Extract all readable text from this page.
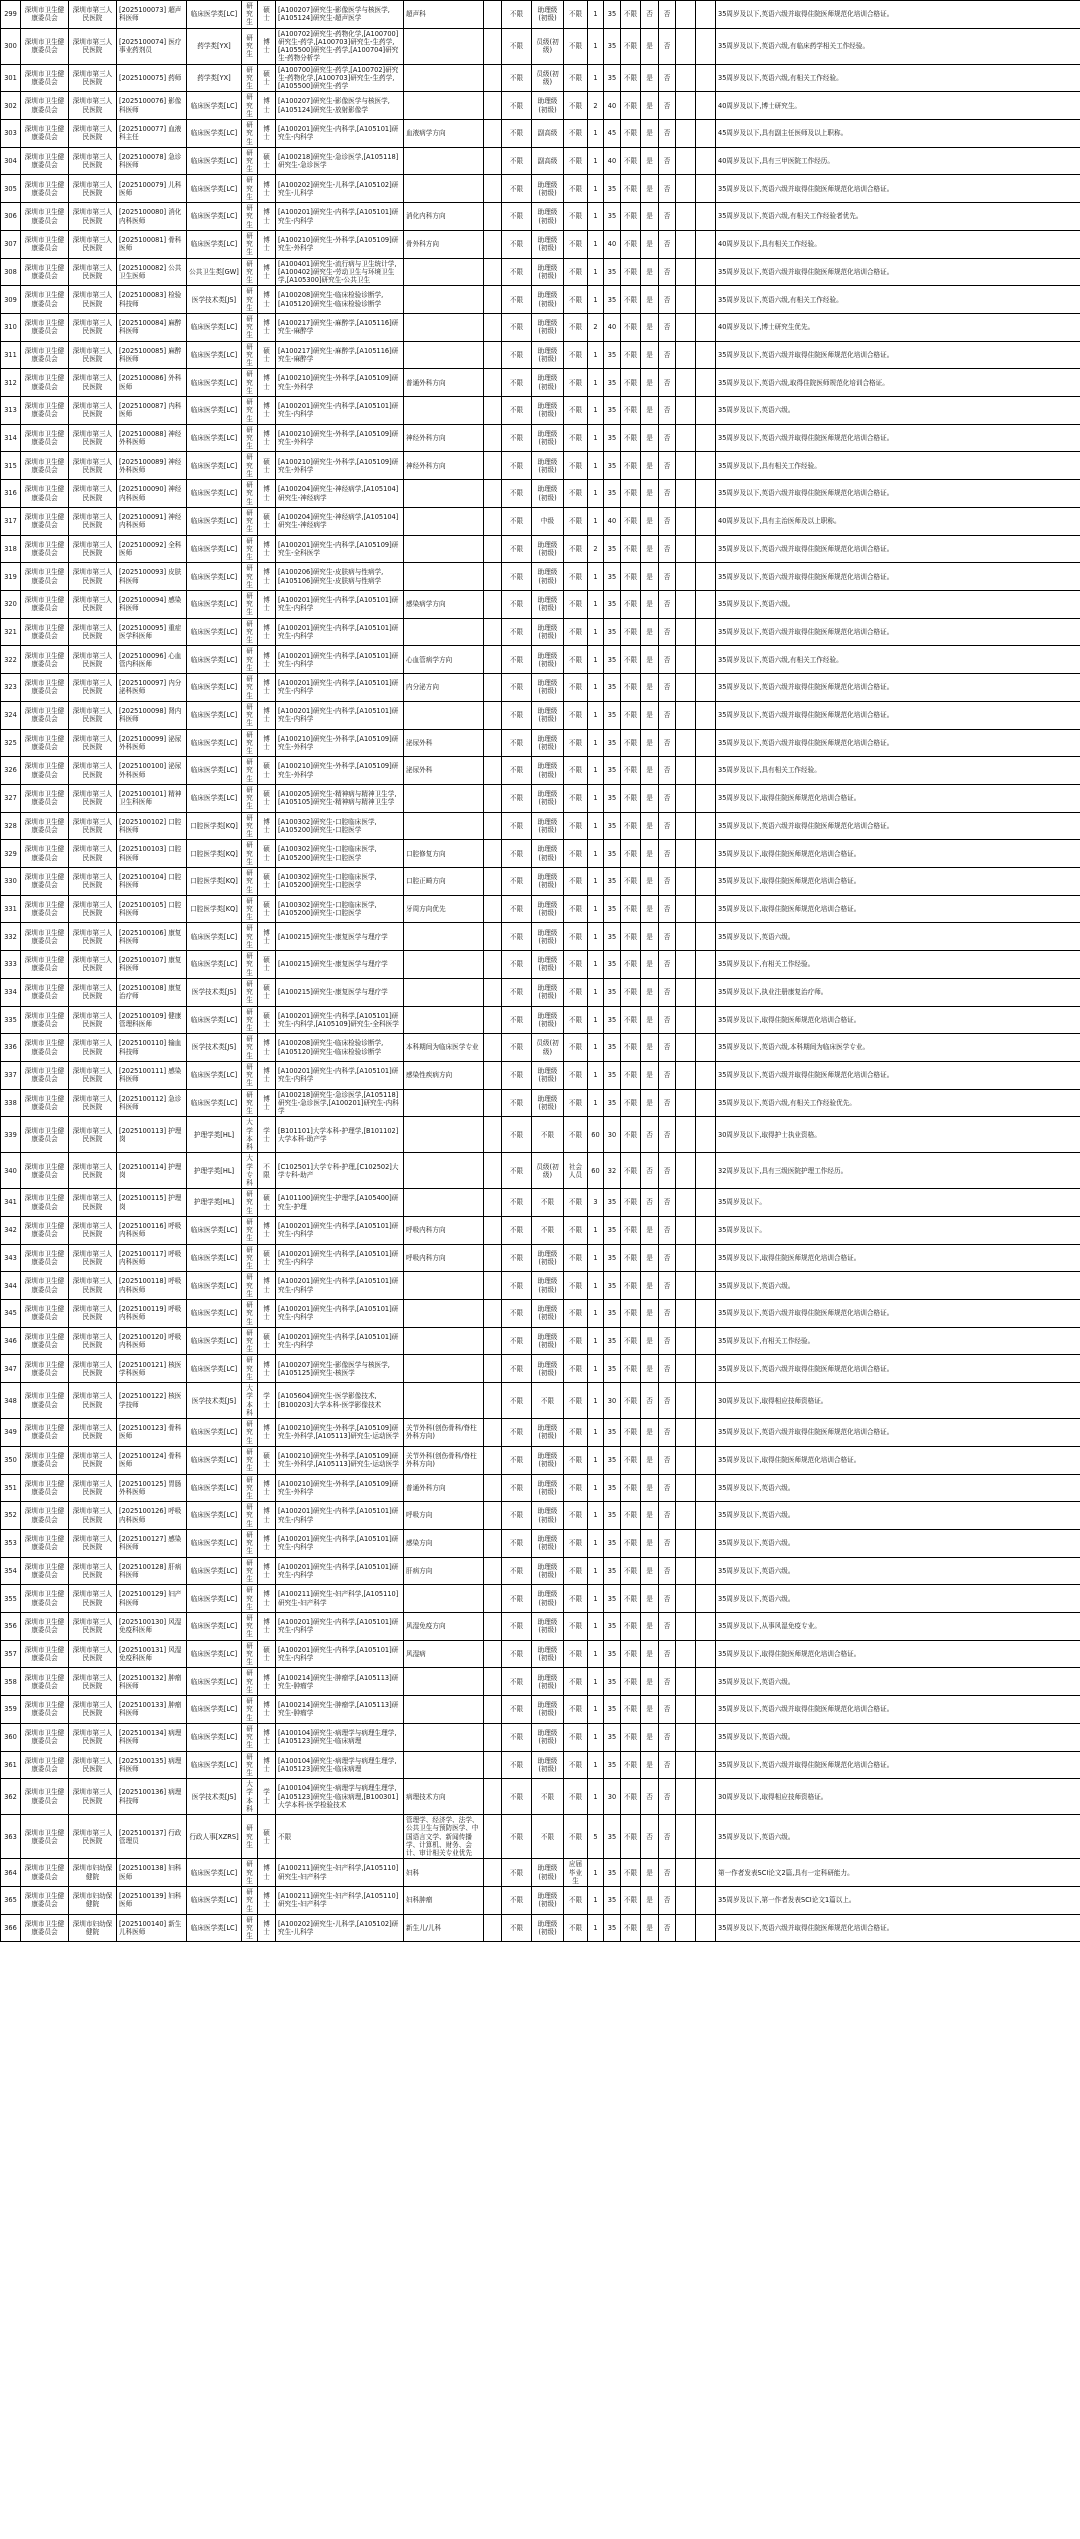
299	深圳市卫生健康委员会	深圳市第三人民医院	[2025100073] 超声科医师	临床医学类[LC]	研究生	硕士	[A100207]研究生-影像医学与核医学,[A105124]研究生-超声医学	超声科		不限	助理级(初级)	不限	1	35	不限	否	否			35周岁及以下,英语六级并取得住院医师规范化培训合格证。
300	深圳市卫生健康委员会	深圳市第三人民医院	[2025100074] 医疗事业药剂员	药学类[YX]	研究生	博士	[A100702]研究生-药物化学,[A100700]研究生-药学,[A100703]研究生-生药学,[A105500]研究生-药学,[A100704]研究生-药物分析学			不限	员级(初级)	不限	1	35	不限	是	否			35周岁及以下,英语六级,有临床药学相关工作经验。
301	深圳市卫生健康委员会	深圳市第三人民医院	[2025100075] 药师	药学类[YX]	研究生	硕士	[A100700]研究生-药学,[A100702]研究生-药物化学,[A100703]研究生-生药学,[A105500]研究生-药学			不限	员级(初级)	不限	1	35	不限	是	否			35周岁及以下,英语六级,有相关工作经验。
302	深圳市卫生健康委员会	深圳市第三人民医院	[2025100076] 影像科医师	临床医学类[LC]	研究生	博士	[A100207]研究生-影像医学与核医学,[A105124]研究生-放射影像学			不限	助理级(初级)	不限	2	40	不限	是	否			40周岁及以下,博士研究生。
303	深圳市卫生健康委员会	深圳市第三人民医院	[2025100077] 血液科主任	临床医学类[LC]	研究生	博士	[A100201]研究生-内科学,[A105101]研究生-内科学	血液病学方向		不限	副高级	不限	1	45	不限	是	否			45周岁及以下,具有副主任医师及以上职称。
304	深圳市卫生健康委员会	深圳市第三人民医院	[2025100078] 急诊科医师	临床医学类[LC]	研究生	硕士	[A100218]研究生-急诊医学,[A105118]研究生-急诊医学			不限	副高级	不限	1	40	不限	是	否			40周岁及以下,具有三甲医院工作经历。
305	深圳市卫生健康委员会	深圳市第三人民医院	[2025100079] 儿科医师	临床医学类[LC]	研究生	博士	[A100202]研究生-儿科学,[A105102]研究生-儿科学			不限	助理级(初级)	不限	1	35	不限	是	否			35周岁及以下,英语六级并取得住院医师规范化培训合格证。
306	深圳市卫生健康委员会	深圳市第三人民医院	[2025100080] 消化内科医师	临床医学类[LC]	研究生	博士	[A100201]研究生-内科学,[A105101]研究生-内科学	消化内科方向		不限	助理级(初级)	不限	1	35	不限	是	否			35周岁及以下,英语六级,有相关工作经验者优先。
307	深圳市卫生健康委员会	深圳市第三人民医院	[2025100081] 骨科医师	临床医学类[LC]	研究生	博士	[A100210]研究生-外科学,[A105109]研究生-外科学	骨外科方向		不限	助理级(初级)	不限	1	40	不限	是	否			40周岁及以下,具有相关工作经验。
308	深圳市卫生健康委员会	深圳市第三人民医院	[2025100082] 公共卫生医师	公共卫生类[GW]	研究生	博士	[A100401]研究生-流行病与卫生统计学,[A100402]研究生-劳动卫生与环境卫生学,[A105300]研究生-公共卫生			不限	助理级(初级)	不限	1	35	不限	是	否			35周岁及以下,英语六级并取得住院医师规范化培训合格证。
309	深圳市卫生健康委员会	深圳市第三人民医院	[2025100083] 检验科技师	医学技术类[JS]	研究生	博士	[A100208]研究生-临床检验诊断学,[A105120]研究生-临床检验诊断学			不限	助理级(初级)	不限	1	35	不限	是	否			35周岁及以下,英语六级,有相关工作经验。
310	深圳市卫生健康委员会	深圳市第三人民医院	[2025100084] 麻醉科医师	临床医学类[LC]	研究生	博士	[A100217]研究生-麻醉学,[A105116]研究生-麻醉学			不限	助理级(初级)	不限	2	40	不限	是	否			40周岁及以下,博士研究生优先。
311	深圳市卫生健康委员会	深圳市第三人民医院	[2025100085] 麻醉科医师	临床医学类[LC]	研究生	硕士	[A100217]研究生-麻醉学,[A105116]研究生-麻醉学			不限	助理级(初级)	不限	1	35	不限	是	否			35周岁及以下,英语六级并取得住院医师规范化培训合格证。
312	深圳市卫生健康委员会	深圳市第三人民医院	[2025100086] 外科医师	临床医学类[LC]	研究生	博士	[A100210]研究生-外科学,[A105109]研究生-外科学	普通外科方向		不限	助理级(初级)	不限	1	35	不限	是	否			35周岁及以下,英语六级,取得住院医师规范化培训合格证。
313	深圳市卫生健康委员会	深圳市第三人民医院	[2025100087] 内科医师	临床医学类[LC]	研究生	博士	[A100201]研究生-内科学,[A105101]研究生-内科学			不限	助理级(初级)	不限	1	35	不限	是	否			35周岁及以下,英语六级。
314	深圳市卫生健康委员会	深圳市第三人民医院	[2025100088] 神经外科医师	临床医学类[LC]	研究生	博士	[A100210]研究生-外科学,[A105109]研究生-外科学	神经外科方向		不限	助理级(初级)	不限	1	35	不限	是	否			35周岁及以下,英语六级并取得住院医师规范化培训合格证。
315	深圳市卫生健康委员会	深圳市第三人民医院	[2025100089] 神经外科医师	临床医学类[LC]	研究生	硕士	[A100210]研究生-外科学,[A105109]研究生-外科学	神经外科方向		不限	助理级(初级)	不限	1	35	不限	是	否			35周岁及以下,具有相关工作经验。
316	深圳市卫生健康委员会	深圳市第三人民医院	[2025100090] 神经内科医师	临床医学类[LC]	研究生	博士	[A100204]研究生-神经病学,[A105104]研究生-神经病学			不限	助理级(初级)	不限	1	35	不限	是	否			35周岁及以下,英语六级并取得住院医师规范化培训合格证。
317	深圳市卫生健康委员会	深圳市第三人民医院	[2025100091] 神经内科医师	临床医学类[LC]	研究生	硕士	[A100204]研究生-神经病学,[A105104]研究生-神经病学			不限	中级	不限	1	40	不限	是	否			40周岁及以下,具有主治医师及以上职称。
318	深圳市卫生健康委员会	深圳市第三人民医院	[2025100092] 全科医师	临床医学类[LC]	研究生	博士	[A100201]研究生-内科学,[A105109]研究生-全科医学			不限	助理级(初级)	不限	2	35	不限	是	否			35周岁及以下,英语六级并取得住院医师规范化培训合格证。
319	深圳市卫生健康委员会	深圳市第三人民医院	[2025100093] 皮肤科医师	临床医学类[LC]	研究生	博士	[A100206]研究生-皮肤病与性病学,[A105106]研究生-皮肤病与性病学			不限	助理级(初级)	不限	1	35	不限	是	否			35周岁及以下,英语六级并取得住院医师规范化培训合格证。
320	深圳市卫生健康委员会	深圳市第三人民医院	[2025100094] 感染科医师	临床医学类[LC]	研究生	博士	[A100201]研究生-内科学,[A105101]研究生-内科学	感染病学方向		不限	助理级(初级)	不限	1	35	不限	是	否			35周岁及以下,英语六级。
321	深圳市卫生健康委员会	深圳市第三人民医院	[2025100095] 重症医学科医师	临床医学类[LC]	研究生	博士	[A100201]研究生-内科学,[A105101]研究生-内科学			不限	助理级(初级)	不限	1	35	不限	是	否			35周岁及以下,英语六级并取得住院医师规范化培训合格证。
322	深圳市卫生健康委员会	深圳市第三人民医院	[2025100096] 心血管内科医师	临床医学类[LC]	研究生	博士	[A100201]研究生-内科学,[A105101]研究生-内科学	心血管病学方向		不限	助理级(初级)	不限	1	35	不限	是	否			35周岁及以下,英语六级,有相关工作经验。
323	深圳市卫生健康委员会	深圳市第三人民医院	[2025100097] 内分泌科医师	临床医学类[LC]	研究生	博士	[A100201]研究生-内科学,[A105101]研究生-内科学	内分泌方向		不限	助理级(初级)	不限	1	35	不限	是	否			35周岁及以下,英语六级并取得住院医师规范化培训合格证。
324	深圳市卫生健康委员会	深圳市第三人民医院	[2025100098] 肾内科医师	临床医学类[LC]	研究生	博士	[A100201]研究生-内科学,[A105101]研究生-内科学			不限	助理级(初级)	不限	1	35	不限	是	否			35周岁及以下,英语六级并取得住院医师规范化培训合格证。
325	深圳市卫生健康委员会	深圳市第三人民医院	[2025100099] 泌尿外科医师	临床医学类[LC]	研究生	博士	[A100210]研究生-外科学,[A105109]研究生-外科学	泌尿外科		不限	助理级(初级)	不限	1	35	不限	是	否			35周岁及以下,英语六级并取得住院医师规范化培训合格证。
326	深圳市卫生健康委员会	深圳市第三人民医院	[2025100100] 泌尿外科医师	临床医学类[LC]	研究生	硕士	[A100210]研究生-外科学,[A105109]研究生-外科学	泌尿外科		不限	助理级(初级)	不限	1	35	不限	是	否			35周岁及以下,具有相关工作经验。
327	深圳市卫生健康委员会	深圳市第三人民医院	[2025100101] 精神卫生科医师	临床医学类[LC]	研究生	硕士	[A100205]研究生-精神病与精神卫生学,[A105105]研究生-精神病与精神卫生学			不限	助理级(初级)	不限	1	35	不限	是	否			35周岁及以下,取得住院医师规范化培训合格证。
328	深圳市卫生健康委员会	深圳市第三人民医院	[2025100102] 口腔科医师	口腔医学类[KQ]	研究生	博士	[A100302]研究生-口腔临床医学,[A105200]研究生-口腔医学			不限	助理级(初级)	不限	1	35	不限	是	否			35周岁及以下,英语六级并取得住院医师规范化培训合格证。
329	深圳市卫生健康委员会	深圳市第三人民医院	[2025100103] 口腔科医师	口腔医学类[KQ]	研究生	硕士	[A100302]研究生-口腔临床医学,[A105200]研究生-口腔医学	口腔修复方向		不限	助理级(初级)	不限	1	35	不限	是	否			35周岁及以下,取得住院医师规范化培训合格证。
330	深圳市卫生健康委员会	深圳市第三人民医院	[2025100104] 口腔科医师	口腔医学类[KQ]	研究生	硕士	[A100302]研究生-口腔临床医学,[A105200]研究生-口腔医学	口腔正畸方向		不限	助理级(初级)	不限	1	35	不限	是	否			35周岁及以下,取得住院医师规范化培训合格证。
331	深圳市卫生健康委员会	深圳市第三人民医院	[2025100105] 口腔科医师	口腔医学类[KQ]	研究生	硕士	[A100302]研究生-口腔临床医学,[A105200]研究生-口腔医学	牙周方向优先		不限	助理级(初级)	不限	1	35	不限	是	否			35周岁及以下,取得住院医师规范化培训合格证。
332	深圳市卫生健康委员会	深圳市第三人民医院	[2025100106] 康复科医师	临床医学类[LC]	研究生	博士	[A100215]研究生-康复医学与理疗学			不限	助理级(初级)	不限	1	35	不限	是	否			35周岁及以下,英语六级。
333	深圳市卫生健康委员会	深圳市第三人民医院	[2025100107] 康复科医师	临床医学类[LC]	研究生	硕士	[A100215]研究生-康复医学与理疗学			不限	助理级(初级)	不限	1	35	不限	是	否			35周岁及以下,有相关工作经验。
334	深圳市卫生健康委员会	深圳市第三人民医院	[2025100108] 康复治疗师	医学技术类[JS]	研究生	硕士	[A100215]研究生-康复医学与理疗学			不限	助理级(初级)	不限	1	35	不限	是	否			35周岁及以下,执业注册康复治疗师。
335	深圳市卫生健康委员会	深圳市第三人民医院	[2025100109] 健康管理科医师	临床医学类[LC]	研究生	硕士	[A100201]研究生-内科学,[A105101]研究生-内科学,[A105109]研究生-全科医学			不限	助理级(初级)	不限	1	35	不限	是	否			35周岁及以下,取得住院医师规范化培训合格证。
336	深圳市卫生健康委员会	深圳市第三人民医院	[2025100110] 输血科技师	医学技术类[JS]	研究生	博士	[A100208]研究生-临床检验诊断学,[A105120]研究生-临床检验诊断学	本科期间为临床医学专业		不限	员级(初级)	不限	1	35	不限	是	否			35周岁及以下,英语六级,本科期间为临床医学专业。
337	深圳市卫生健康委员会	深圳市第三人民医院	[2025100111] 感染科医师	临床医学类[LC]	研究生	博士	[A100201]研究生-内科学,[A105101]研究生-内科学	感染性疾病方向		不限	助理级(初级)	不限	1	35	不限	是	否			35周岁及以下,英语六级并取得住院医师规范化培训合格证。
338	深圳市卫生健康委员会	深圳市第三人民医院	[2025100112] 急诊科医师	临床医学类[LC]	研究生	博士	[A100218]研究生-急诊医学,[A105118]研究生-急诊医学,[A100201]研究生-内科学			不限	助理级(初级)	不限	1	35	不限	是	否			35周岁及以下,英语六级,有相关工作经验优先。
339	深圳市卫生健康委员会	深圳市第三人民医院	[2025100113] 护理岗	护理学类[HL]	大学本科	学士	[B101101]大学本科-护理学,[B101102]大学本科-助产学			不限	不限	不限	60	30	不限	否	否			30周岁及以下,取得护士执业资格。
340	深圳市卫生健康委员会	深圳市第三人民医院	[2025100114] 护理岗	护理学类[HL]	大学专科	不限	[C102501]大学专科-护理,[C102502]大学专科-助产			不限	员级(初级)	社会人员	60	32	不限	否	否			32周岁及以下,具有三级医院护理工作经历。
341	深圳市卫生健康委员会	深圳市第三人民医院	[2025100115] 护理岗	护理学类[HL]	研究生	硕士	[A101100]研究生-护理学,[A105400]研究生-护理			不限	不限	不限	3	35	不限	否	否			35周岁及以下。
342	深圳市卫生健康委员会	深圳市第三人民医院	[2025100116] 呼吸内科医师	临床医学类[LC]	研究生	博士	[A100201]研究生-内科学,[A105101]研究生-内科学	呼吸内科方向		不限	不限	不限	1	35	不限	是	否			35周岁及以下。
343	深圳市卫生健康委员会	深圳市第三人民医院	[2025100117] 呼吸内科医师	临床医学类[LC]	研究生	硕士	[A100201]研究生-内科学,[A105101]研究生-内科学	呼吸内科方向		不限	助理级(初级)	不限	1	35	不限	是	否			35周岁及以下,取得住院医师规范化培训合格证。
344	深圳市卫生健康委员会	深圳市第三人民医院	[2025100118] 呼吸内科医师	临床医学类[LC]	研究生	博士	[A100201]研究生-内科学,[A105101]研究生-内科学			不限	助理级(初级)	不限	1	35	不限	是	否			35周岁及以下,英语六级。
345	深圳市卫生健康委员会	深圳市第三人民医院	[2025100119] 呼吸内科医师	临床医学类[LC]	研究生	博士	[A100201]研究生-内科学,[A105101]研究生-内科学			不限	助理级(初级)	不限	1	35	不限	是	否			35周岁及以下,英语六级并取得住院医师规范化培训合格证。
346	深圳市卫生健康委员会	深圳市第三人民医院	[2025100120] 呼吸内科医师	临床医学类[LC]	研究生	硕士	[A100201]研究生-内科学,[A105101]研究生-内科学			不限	助理级(初级)	不限	1	35	不限	是	否			35周岁及以下,有相关工作经验。
347	深圳市卫生健康委员会	深圳市第三人民医院	[2025100121] 核医学科医师	临床医学类[LC]	研究生	博士	[A100207]研究生-影像医学与核医学,[A105125]研究生-核医学			不限	助理级(初级)	不限	1	35	不限	是	否			35周岁及以下,英语六级并取得住院医师规范化培训合格证。
348	深圳市卫生健康委员会	深圳市第三人民医院	[2025100122] 核医学技师	医学技术类[JS]	大学本科	学士	[A105604]研究生-医学影像技术,[B100203]大学本科-医学影像技术			不限	不限	不限	1	30	不限	否	否			30周岁及以下,取得相应技师资格证。
349	深圳市卫生健康委员会	深圳市第三人民医院	[2025100123] 骨科医师	临床医学类[LC]	研究生	博士	[A100210]研究生-外科学,[A105109]研究生-外科学,[A105113]研究生-运动医学	关节外科(创伤骨科/脊柱外科方向)		不限	助理级(初级)	不限	1	35	不限	是	否			35周岁及以下,英语六级并取得住院医师规范化培训合格证。
350	深圳市卫生健康委员会	深圳市第三人民医院	[2025100124] 骨科医师	临床医学类[LC]	研究生	硕士	[A100210]研究生-外科学,[A105109]研究生-外科学,[A105113]研究生-运动医学	关节外科(创伤骨科/脊柱外科方向)		不限	助理级(初级)	不限	1	35	不限	是	否			35周岁及以下,取得住院医师规范化培训合格证。
351	深圳市卫生健康委员会	深圳市第三人民医院	[2025100125] 胃肠外科医师	临床医学类[LC]	研究生	博士	[A100210]研究生-外科学,[A105109]研究生-外科学	普通外科方向		不限	助理级(初级)	不限	1	35	不限	是	否			35周岁及以下,英语六级。
352	深圳市卫生健康委员会	深圳市第三人民医院	[2025100126] 呼吸内科医师	临床医学类[LC]	研究生	博士	[A100201]研究生-内科学,[A105101]研究生-内科学	呼吸方向		不限	助理级(初级)	不限	1	35	不限	是	否			35周岁及以下,英语六级。
353	深圳市卫生健康委员会	深圳市第三人民医院	[2025100127] 感染科医师	临床医学类[LC]	研究生	博士	[A100201]研究生-内科学,[A105101]研究生-内科学	感染方向		不限	助理级(初级)	不限	1	35	不限	是	否			35周岁及以下,英语六级。
354	深圳市卫生健康委员会	深圳市第三人民医院	[2025100128] 肝病科医师	临床医学类[LC]	研究生	博士	[A100201]研究生-内科学,[A105101]研究生-内科学	肝病方向		不限	助理级(初级)	不限	1	35	不限	是	否			35周岁及以下,英语六级。
355	深圳市卫生健康委员会	深圳市第三人民医院	[2025100129] 妇产科医师	临床医学类[LC]	研究生	博士	[A100211]研究生-妇产科学,[A105110]研究生-妇产科学			不限	助理级(初级)	不限	1	35	不限	是	否			35周岁及以下,英语六级。
356	深圳市卫生健康委员会	深圳市第三人民医院	[2025100130] 风湿免疫科医师	临床医学类[LC]	研究生	博士	[A100201]研究生-内科学,[A105101]研究生-内科学	风湿免疫方向		不限	助理级(初级)	不限	1	35	不限	是	否			35周岁及以下,从事风湿免疫专业。
357	深圳市卫生健康委员会	深圳市第三人民医院	[2025100131] 风湿免疫科医师	临床医学类[LC]	研究生	硕士	[A100201]研究生-内科学,[A105101]研究生-内科学	风湿病		不限	助理级(初级)	不限	1	35	不限	是	否			35周岁及以下,取得住院医师规范化培训合格证。
358	深圳市卫生健康委员会	深圳市第三人民医院	[2025100132] 肿瘤科医师	临床医学类[LC]	研究生	博士	[A100214]研究生-肿瘤学,[A105113]研究生-肿瘤学			不限	助理级(初级)	不限	1	35	不限	是	否			35周岁及以下,英语六级。
359	深圳市卫生健康委员会	深圳市第三人民医院	[2025100133] 肿瘤科医师	临床医学类[LC]	研究生	博士	[A100214]研究生-肿瘤学,[A105113]研究生-肿瘤学			不限	助理级(初级)	不限	1	35	不限	是	否			35周岁及以下,英语六级并取得住院医师规范化培训合格证。
360	深圳市卫生健康委员会	深圳市第三人民医院	[2025100134] 病理科医师	临床医学类[LC]	研究生	博士	[A100104]研究生-病理学与病理生理学,[A105123]研究生-临床病理			不限	助理级(初级)	不限	1	35	不限	是	否			35周岁及以下,英语六级。
361	深圳市卫生健康委员会	深圳市第三人民医院	[2025100135] 病理科医师	临床医学类[LC]	研究生	博士	[A100104]研究生-病理学与病理生理学,[A105123]研究生-临床病理			不限	助理级(初级)	不限	1	35	不限	是	否			35周岁及以下,英语六级并取得住院医师规范化培训合格证。
362	深圳市卫生健康委员会	深圳市第三人民医院	[2025100136] 病理科技师	医学技术类[JS]	大学本科	学士	[A100104]研究生-病理学与病理生理学,[A105123]研究生-临床病理,[B100301]大学本科-医学检验技术	病理技术方向		不限	不限	不限	1	30	不限	否	否			30周岁及以下,取得相应技师资格证。
363	深圳市卫生健康委员会	深圳市第三人民医院	[2025100137] 行政管理员	行政人事[XZRS]	研究生	硕士	不限	管理学、经济学、法学、公共卫生与预防医学、中国语言文学、新闻传播学、计算机、财务、会计、审计相关专业优先		不限	不限	不限	5	35	不限	否	否			35周岁及以下,英语六级。
364	深圳市卫生健康委员会	深圳市妇幼保健院	[2025100138] 妇科医师	临床医学类[LC]	研究生	博士	[A100211]研究生-妇产科学,[A105110]研究生-妇产科学	妇科		不限	助理级(初级)	应届毕业生	1	35	不限	是	否			第一作者发表SCI论文2篇,具有一定科研能力。
365	深圳市卫生健康委员会	深圳市妇幼保健院	[2025100139] 妇科医师	临床医学类[LC]	研究生	博士	[A100211]研究生-妇产科学,[A105110]研究生-妇产科学	妇科肿瘤		不限	助理级(初级)	不限	1	35	不限	是	否			35周岁及以下,第一作者发表SCI论文1篇以上。
366	深圳市卫生健康委员会	深圳市妇幼保健院	[2025100140] 新生儿科医师	临床医学类[LC]	研究生	博士	[A100202]研究生-儿科学,[A105102]研究生-儿科学	新生儿/儿科		不限	助理级(初级)	不限	1	35	不限	是	否			35周岁及以下,英语六级并取得住院医师规范化培训合格证。
